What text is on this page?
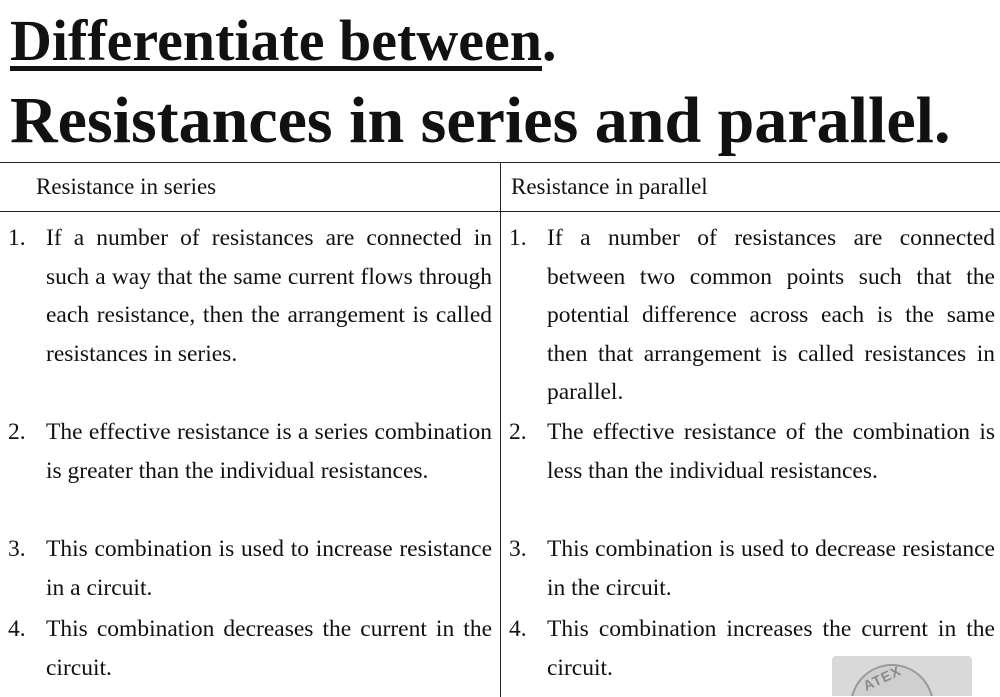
Differentiate between.
Resistances in series and parallel.
Resistance in series
1. If a number of resistances are connected in such a way that the same current flows through each resistance, then the arrangement is called resistances in series.
2. The effective resistance is a series combination is greater than the individual resistances.
3. This combination is used to increase resistance in a circuit.
4. This combination decreases the current in the circuit.
Resistance in parallel
1. If a number of resistances are connected between two common points such that the potential difference across each is the same then that arrangement is called resistances in parallel.
2. The effective resistance of the combination is less than the individual resistances.
3. This combination is used to decrease resistance in the circuit.
4. This combination increases the current in the circuit.	ATEX
